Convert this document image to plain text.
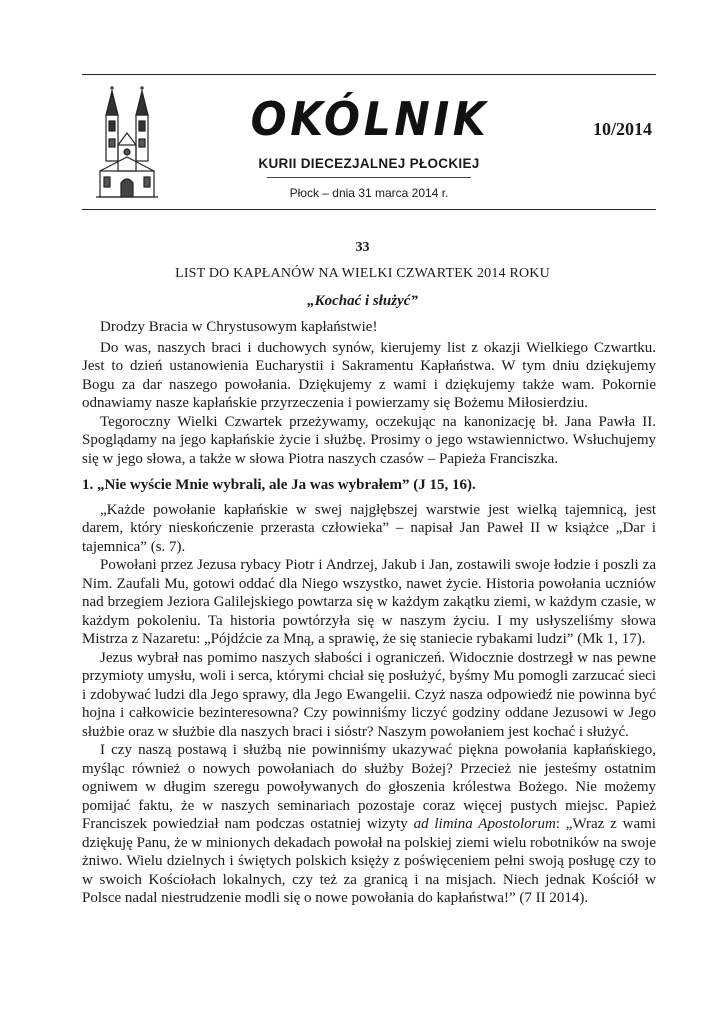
OKÓLNIK
KURII DIECEZJALNEJ PŁOCKIEJ
Płock – dnia 31 marca 2014 r.
10/2014
33
LIST DO KAPŁANÓW NA WIELKI CZWARTEK 2014 ROKU
„Kochać i służyć”

Drodzy Bracia w Chrystusowym kapłaństwie!

Do was, naszych braci i duchowych synów, kierujemy list z okazji Wielkiego Czwartku. Jest to dzień ustanowienia Eucharystii i Sakramentu Kapłaństwa. W tym dniu dziękujemy Bogu za dar naszego powołania. Dziękujemy z wami i dziękujemy także wam. Pokornie odnawiamy nasze kapłańskie przyrzeczenia i powierzamy się Bożemu Miłosierdziu.

Tegoroczny Wielki Czwartek przeżywamy, oczekując na kanonizację bł. Jana Pawła II. Spoglądamy na jego kapłańskie życie i służbę. Prosimy o jego wstawiennictwo. Wsłuchujemy się w jego słowa, a także w słowa Piotra naszych czasów – Papieża Franciszka.

1. „Nie wyście Mnie wybrali, ale Ja was wybrałem” (J 15, 16).

„Każde powołanie kapłańskie w swej najgłębszej warstwie jest wielką tajemnicą, jest darem, który nieskończenie przerasta człowieka” – napisał Jan Paweł II w książce „Dar i tajemnica” (s. 7).

Powołani przez Jezusa rybacy Piotr i Andrzej, Jakub i Jan, zostawili swoje łodzie i poszli za Nim. Zaufali Mu, gotowi oddać dla Niego wszystko, nawet życie. Historia powołania uczniów nad brzegiem Jeziora Galilejskiego powtarza się w każdym zakątku ziemi, w każdym czasie, w każdym pokoleniu. Ta historia powtórzyła się w naszym życiu. I my usłyszeliśmy słowa Mistrza z Nazaretu: „Pójdźcie za Mną, a sprawię, że się staniecie rybakami ludzi” (Mk 1, 17).

Jezus wybrał nas pomimo naszych słabości i ograniczeń. Widocznie dostrzegł w nas pewne przymioty umysłu, woli i serca, którymi chciał się posłużyć, byśmy Mu pomogli zarzucać sieci i zdobywać ludzi dla Jego sprawy, dla Jego Ewangelii. Czyż nasza odpowiedź nie powinna być hojna i całkowicie bezinteresowna? Czy powinniśmy liczyć godziny oddane Jezusowi w Jego służbie oraz w służbie dla naszych braci i sióstr? Naszym powołaniem jest kochać i służyć.

I czy naszą postawą i służbą nie powinniśmy ukazywać piękna powołania kapłańskiego, myśląc również o nowych powołaniach do służby Bożej? Przecież nie jesteśmy ostatnim ogniwem w długim szeregu powoływanych do głoszenia królestwa Bożego. Nie możemy pomijać faktu, że w naszych seminariach pozostaje coraz więcej pustych miejsc. Papież Franciszek powiedział nam podczas ostatniej wizyty ad limina Apostolorum: „Wraz z wami dziękuję Panu, że w minionych dekadach powołał na polskiej ziemi wielu robotników na swoje żniwo. Wielu dzielnych i świętych polskich księży z poświęceniem pełni swoją posługę czy to w swoich Kościołach lokalnych, czy też za granicą i na misjach. Niech jednak Kościół w Polsce nadal niestrudzenie modli się o nowe powołania do kapłaństwa!” (7 II 2014).
